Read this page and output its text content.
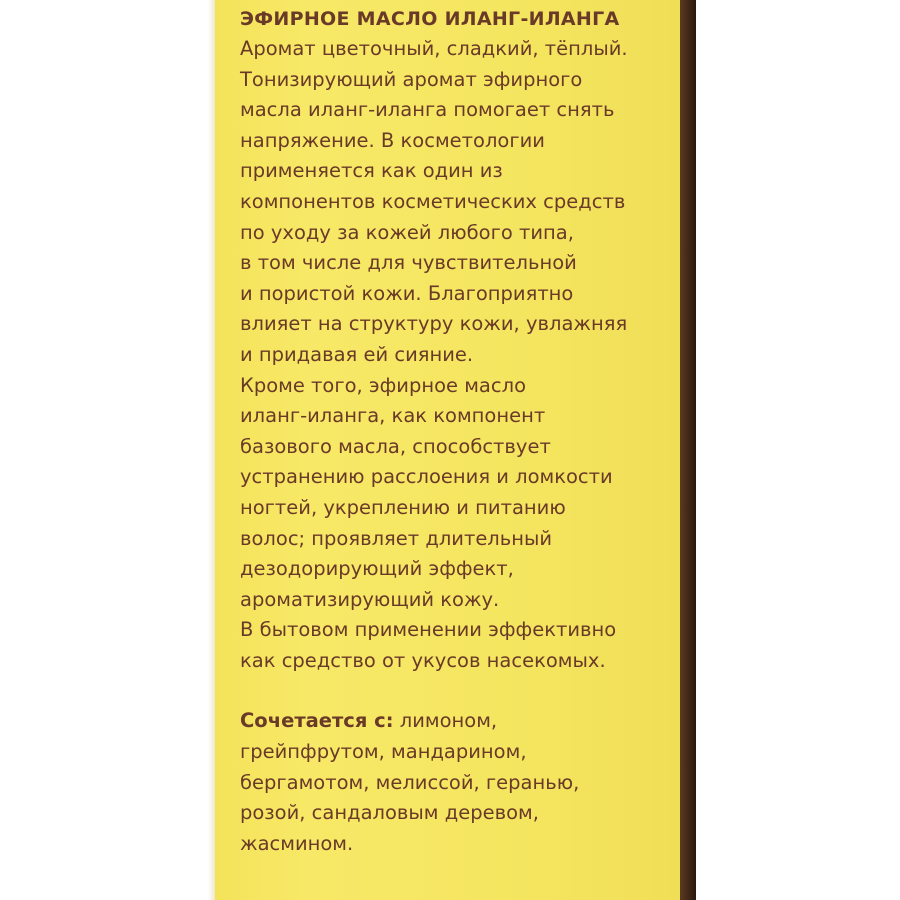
ЭФИРНОЕ МАСЛО ИЛАНГ-ИЛАНГА

Аромат цветочный, сладкий, тёплый.

Тонизирующий аромат эфирного

масла иланг-иланга помогает снять

напряжение. В косметологии

применяется как один из

компонентов косметических средств

по уходу за кожей любого типа,

в том числе для чувствительной

и пористой кожи. Благоприятно

влияет на структуру кожи, увлажняя

и придавая ей сияние.

Кроме того, эфирное масло

иланг-иланга, как компонент

базового масла, способствует

устранению расслоения и ломкости

ногтей, укреплению и питанию

волос; проявляет длительный

дезодорирующий эффект,

ароматизирующий кожу.

В бытовом применении эффективно

как средство от укусов насекомых.

Сочетается с: лимоном,

грейпфрутом, мандарином,

бергамотом, мелиссой, геранью,

розой, сандаловым деревом,

жасмином.
